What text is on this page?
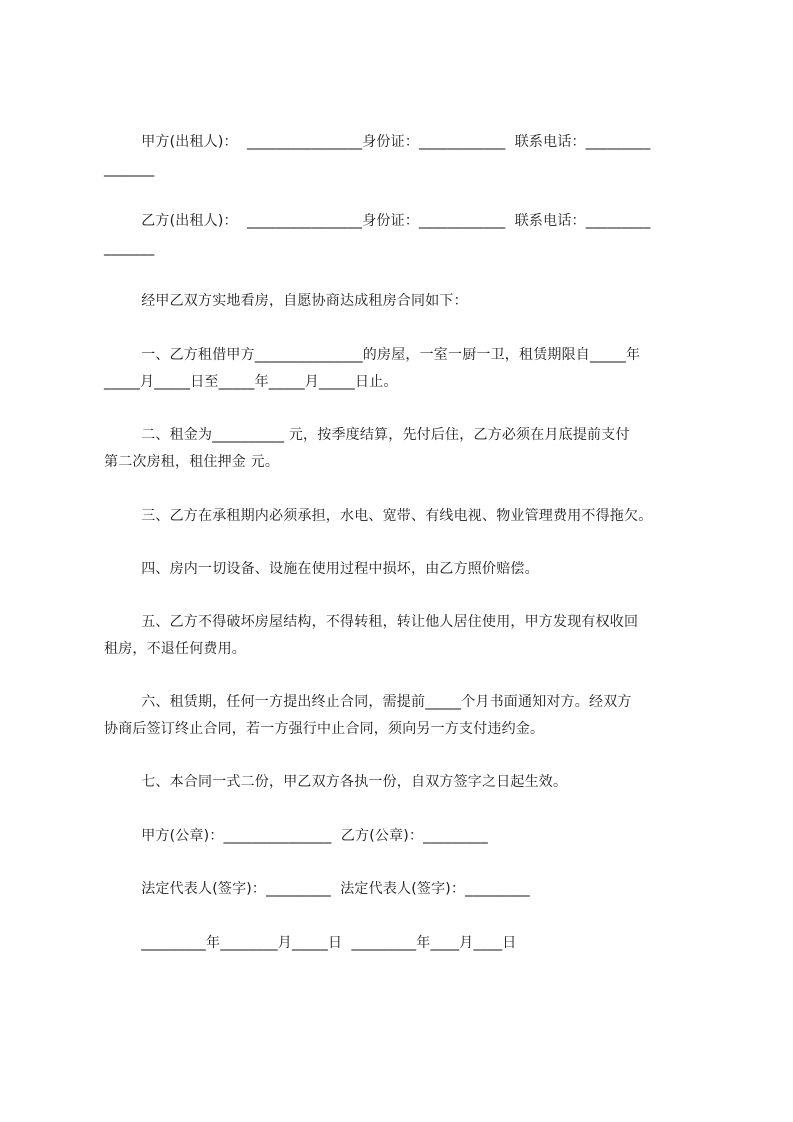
甲方(出租人)：  ________________身份证：____________  联系电话：_________
_______
乙方(出租人)：  ________________身份证：____________  联系电话：_________
_______
经甲乙双方实地看房，自愿协商达成租房合同如下：
一、乙方租借甲方_______________的房屋，一室一厨一卫，租赁期限自_____年
_____月_____日至_____年_____月_____日止。
二、租金为__________ 元，按季度结算，先付后住，乙方必须在月底提前支付
第二次房租，租住押金 元。
三、乙方在承租期内必须承担，水电、宽带、有线电视、物业管理费用不得拖欠。
四、房内一切设备、设施在使用过程中损坏，由乙方照价赔偿。
五、乙方不得破坏房屋结构，不得转租，转让他人居住使用，甲方发现有权收回
租房，不退任何费用。
六、租赁期，任何一方提出终止合同，需提前_____个月书面通知对方。经双方
协商后签订终止合同，若一方强行中止合同，须向另一方支付违约金。
七、本合同一式二份，甲乙双方各执一份，自双方签字之日起生效。
甲方(公章)：_______________  乙方(公章)：_________
法定代表人(签字)：_________  法定代表人(签字)：_________
_________年________月_____日  _________年____月____日
